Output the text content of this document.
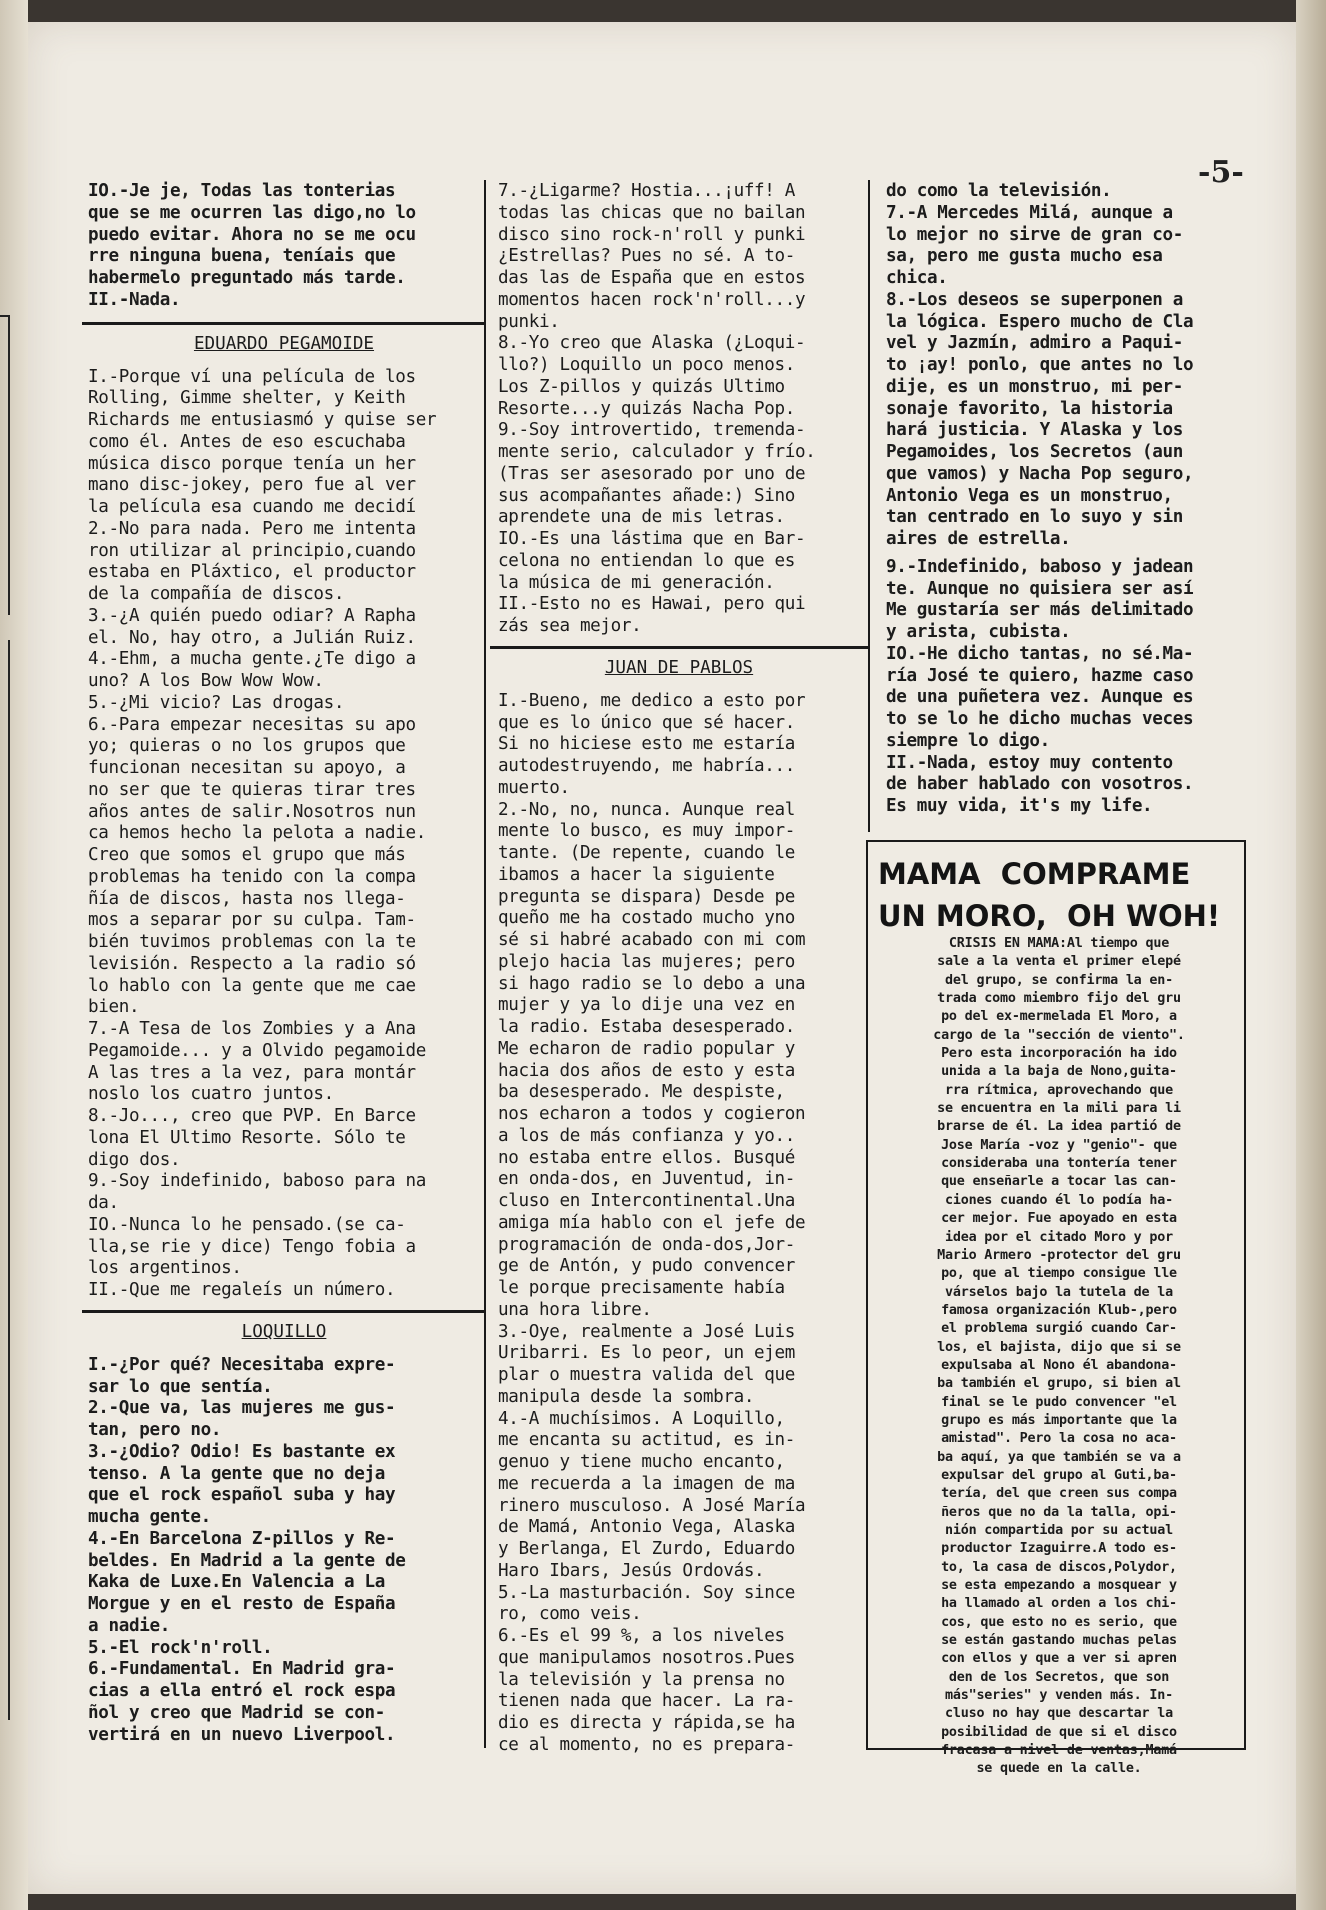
-5-

IO.-Je je, Todas las tonterias

que se me ocurren las digo,no lo

puedo evitar. Ahora no se me ocu

rre ninguna buena, teníais que

habermelo preguntado más tarde.

II.-Nada.

EDUARDO PEGAMOIDE

I.-Porque ví una película de los

Rolling, Gimme shelter, y Keith

Richards me entusiasmó y quise ser

como él. Antes de eso escuchaba

música disco porque tenía un her

mano disc-jokey, pero fue al ver

la película esa cuando me decidí

2.-No para nada. Pero me intenta

ron utilizar al principio,cuando

estaba en Pláxtico, el productor

de la compañía de discos.

3.-¿A quién puedo odiar? A Rapha

el. No, hay otro, a Julián Ruiz.

4.-Ehm, a mucha gente.¿Te digo a

uno? A los Bow Wow Wow.

5.-¿Mi vicio? Las drogas.

6.-Para empezar necesitas su apo

yo; quieras o no los grupos que

funcionan necesitan su apoyo, a

no ser que te quieras tirar tres

años antes de salir.Nosotros nun

ca hemos hecho la pelota a nadie.

Creo que somos el grupo que más

problemas ha tenido con la compa

ñía de discos, hasta nos llega-

mos a separar por su culpa. Tam-

bién tuvimos problemas con la te

levisión. Respecto a la radio só

lo hablo con la gente que me cae

bien.

7.-A Tesa de los Zombies y a Ana

Pegamoide... y a Olvido pegamoide

A las tres a la vez, para montár

noslo los cuatro juntos.

8.-Jo..., creo que PVP. En Barce

lona El Ultimo Resorte. Sólo te

digo dos.

9.-Soy indefinido, baboso para na

da.

IO.-Nunca lo he pensado.(se ca-

lla,se rie y dice) Tengo fobia a

los argentinos.

II.-Que me regaleís un número.

LOQUILLO

I.-¿Por qué? Necesitaba expre-

sar lo que sentía.

2.-Que va, las mujeres me gus-

tan, pero no.

3.-¿Odio? Odio! Es bastante ex

tenso. A la gente que no deja

que el rock español suba y hay

mucha gente.

4.-En Barcelona Z-pillos y Re-

beldes. En Madrid a la gente de

Kaka de Luxe.En Valencia a La

Morgue y en el resto de España

a nadie.

5.-El rock'n'roll.

6.-Fundamental. En Madrid gra-

cias a ella entró el rock espa

ñol y creo que Madrid se con-

vertirá en un nuevo Liverpool.

7.-¿Ligarme? Hostia...¡uff! A

todas las chicas que no bailan

disco sino rock-n'roll y punki

¿Estrellas? Pues no sé. A to-

das las de España que en estos

momentos hacen rock'n'roll...y

punki.

8.-Yo creo que Alaska (¿Loqui-

llo?) Loquillo un poco menos.

Los Z-pillos y quizás Ultimo

Resorte...y quizás Nacha Pop.

9.-Soy introvertido, tremenda-

mente serio, calculador y frío.

(Tras ser asesorado por uno de

sus acompañantes añade:) Sino

aprendete una de mis letras.

IO.-Es una lástima que en Bar-

celona no entiendan lo que es

la música de mi generación.

II.-Esto no es Hawai, pero qui

zás sea mejor.

JUAN DE PABLOS

I.-Bueno, me dedico a esto por

que es lo único que sé hacer.

Si no hiciese esto me estaría

autodestruyendo, me habría...

muerto.

2.-No, no, nunca. Aunque real

mente lo busco, es muy impor-

tante. (De repente, cuando le

ibamos a hacer la siguiente

pregunta se dispara) Desde pe

queño me ha costado mucho yno

sé si habré acabado con mi com

plejo hacia las mujeres; pero

si hago radio se lo debo a una

mujer y ya lo dije una vez en

la radio. Estaba desesperado.

Me echaron de radio popular y

hacia dos años de esto y esta

ba desesperado. Me despiste,

nos echaron a todos y cogieron

a los de más confianza y yo..

no estaba entre ellos. Busqué

en onda-dos, en Juventud, in-

cluso en Intercontinental.Una

amiga mía hablo con el jefe de

programación de onda-dos,Jor-

ge de Antón, y pudo convencer

le porque precisamente había

una hora libre.

3.-Oye, realmente a José Luis

Uribarri. Es lo peor, un ejem

plar o muestra valida del que

manipula desde la sombra.

4.-A muchísimos. A Loquillo,

me encanta su actitud, es in-

genuo y tiene mucho encanto,

me recuerda a la imagen de ma

rinero musculoso. A José María

de Mamá, Antonio Vega, Alaska

y Berlanga, El Zurdo, Eduardo

Haro Ibars, Jesús Ordovás.

5.-La masturbación. Soy since

ro, como veis.

6.-Es el 99 %, a los niveles

que manipulamos nosotros.Pues

la televisión y la prensa no

tienen nada que hacer. La ra-

dio es directa y rápida,se ha

ce al momento, no es prepara-

do como la televisión.

7.-A Mercedes Milá, aunque a

lo mejor no sirve de gran co-

sa, pero me gusta mucho esa

chica.

8.-Los deseos se superponen a

la lógica. Espero mucho de Cla

vel y Jazmín, admiro a Paqui-

to ¡ay! ponlo, que antes no lo

dije, es un monstruo, mi per-

sonaje favorito, la historia

hará justicia. Y Alaska y los

Pegamoides, los Secretos (aun

que vamos) y Nacha Pop seguro,

Antonio Vega es un monstruo,

tan centrado en lo suyo y sin

aires de estrella.

9.-Indefinido, baboso y jadean

te. Aunque no quisiera ser así

Me gustaría ser más delimitado

y arista, cubista.

IO.-He dicho tantas, no sé.Ma-

ría José te quiero, hazme caso

de una puñetera vez. Aunque es

to se lo he dicho muchas veces

siempre lo digo.

II.-Nada, estoy muy contento

de haber hablado con vosotros.

Es muy vida, it's my life.

MAMA  COMPRAME
UN MORO,  OH WOH!

CRISIS EN MAMA:Al tiempo que

sale a la venta el primer elepé

del grupo, se confirma la en-

trada como miembro fijo del gru

po del ex-mermelada El Moro, a

cargo de la "sección de viento".

Pero esta incorporación ha ido

unida a la baja de Nono,guita-

rra rítmica, aprovechando que

se encuentra en la mili para li

brarse de él. La idea partió de

Jose María -voz y "genio"- que

consideraba una tontería tener

que enseñarle a tocar las can-

ciones cuando él lo podía ha-

cer mejor. Fue apoyado en esta

idea por el citado Moro y por

Mario Armero -protector del gru

po, que al tiempo consigue lle

várselos bajo la tutela de la

famosa organización Klub-,pero

el problema surgió cuando Car-

los, el bajista, dijo que si se

expulsaba al Nono él abandona-

ba también el grupo, si bien al

final se le pudo convencer "el

grupo es más importante que la

amistad". Pero la cosa no aca-

ba aquí, ya que también se va a

expulsar del grupo al Guti,ba-

tería, del que creen sus compa

ñeros que no da la talla, opi-

nión compartida por su actual

productor Izaguirre.A todo es-

to, la casa de discos,Polydor,

se esta empezando a mosquear y

ha llamado al orden a los chi-

cos, que esto no es serio, que

se están gastando muchas pelas

con ellos y que a ver si apren

den de los Secretos, que son

más"series" y venden más. In-

cluso no hay que descartar la

posibilidad de que si el disco

fracasa a nivel de ventas,Mamá

se quede en la calle.
